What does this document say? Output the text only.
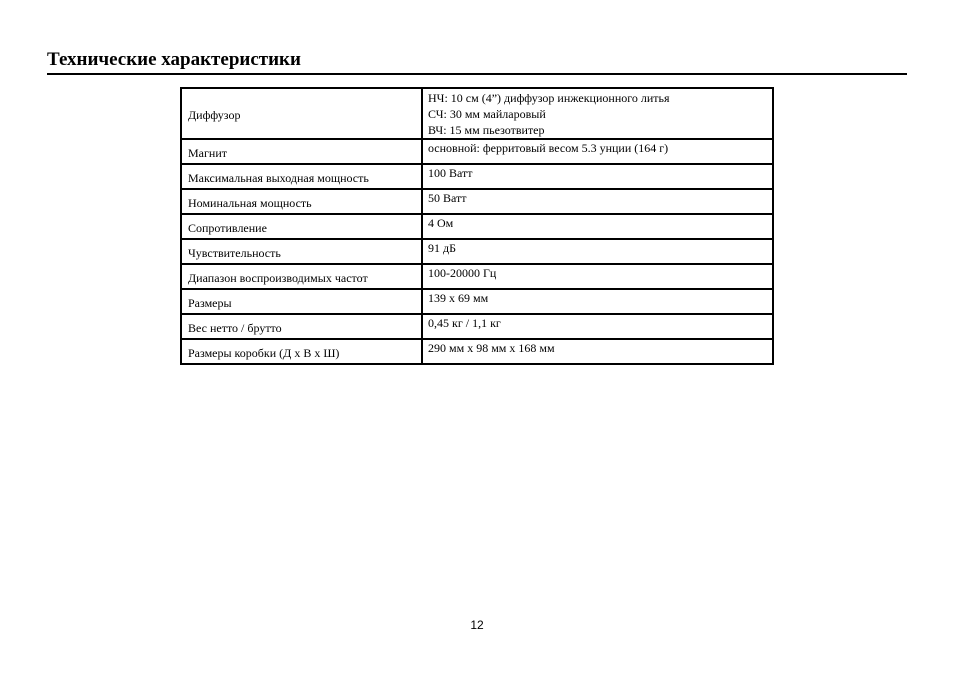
Технические характеристики
Диффузор	НЧ: 10 см (4”) диффузор инжекционного литья
СЧ: 30 мм майларовый
ВЧ: 15 мм пьезотвитер

Магнит	основной: ферритовый весом 5.3 унции (164 г)
Максимальная выходная мощность	100 Ватт
Номинальная мощность	50 Ватт
Сопротивление	4 Ом
Чувствительность	91 дБ
Диапазон воспроизводимых частот	100-20000 Гц
Размеры	139 x 69 мм
Вес нетто / брутто	0,45 кг / 1,1 кг
Размеры коробки (Д x В x Ш)	290 мм x 98 мм x 168 мм
12
